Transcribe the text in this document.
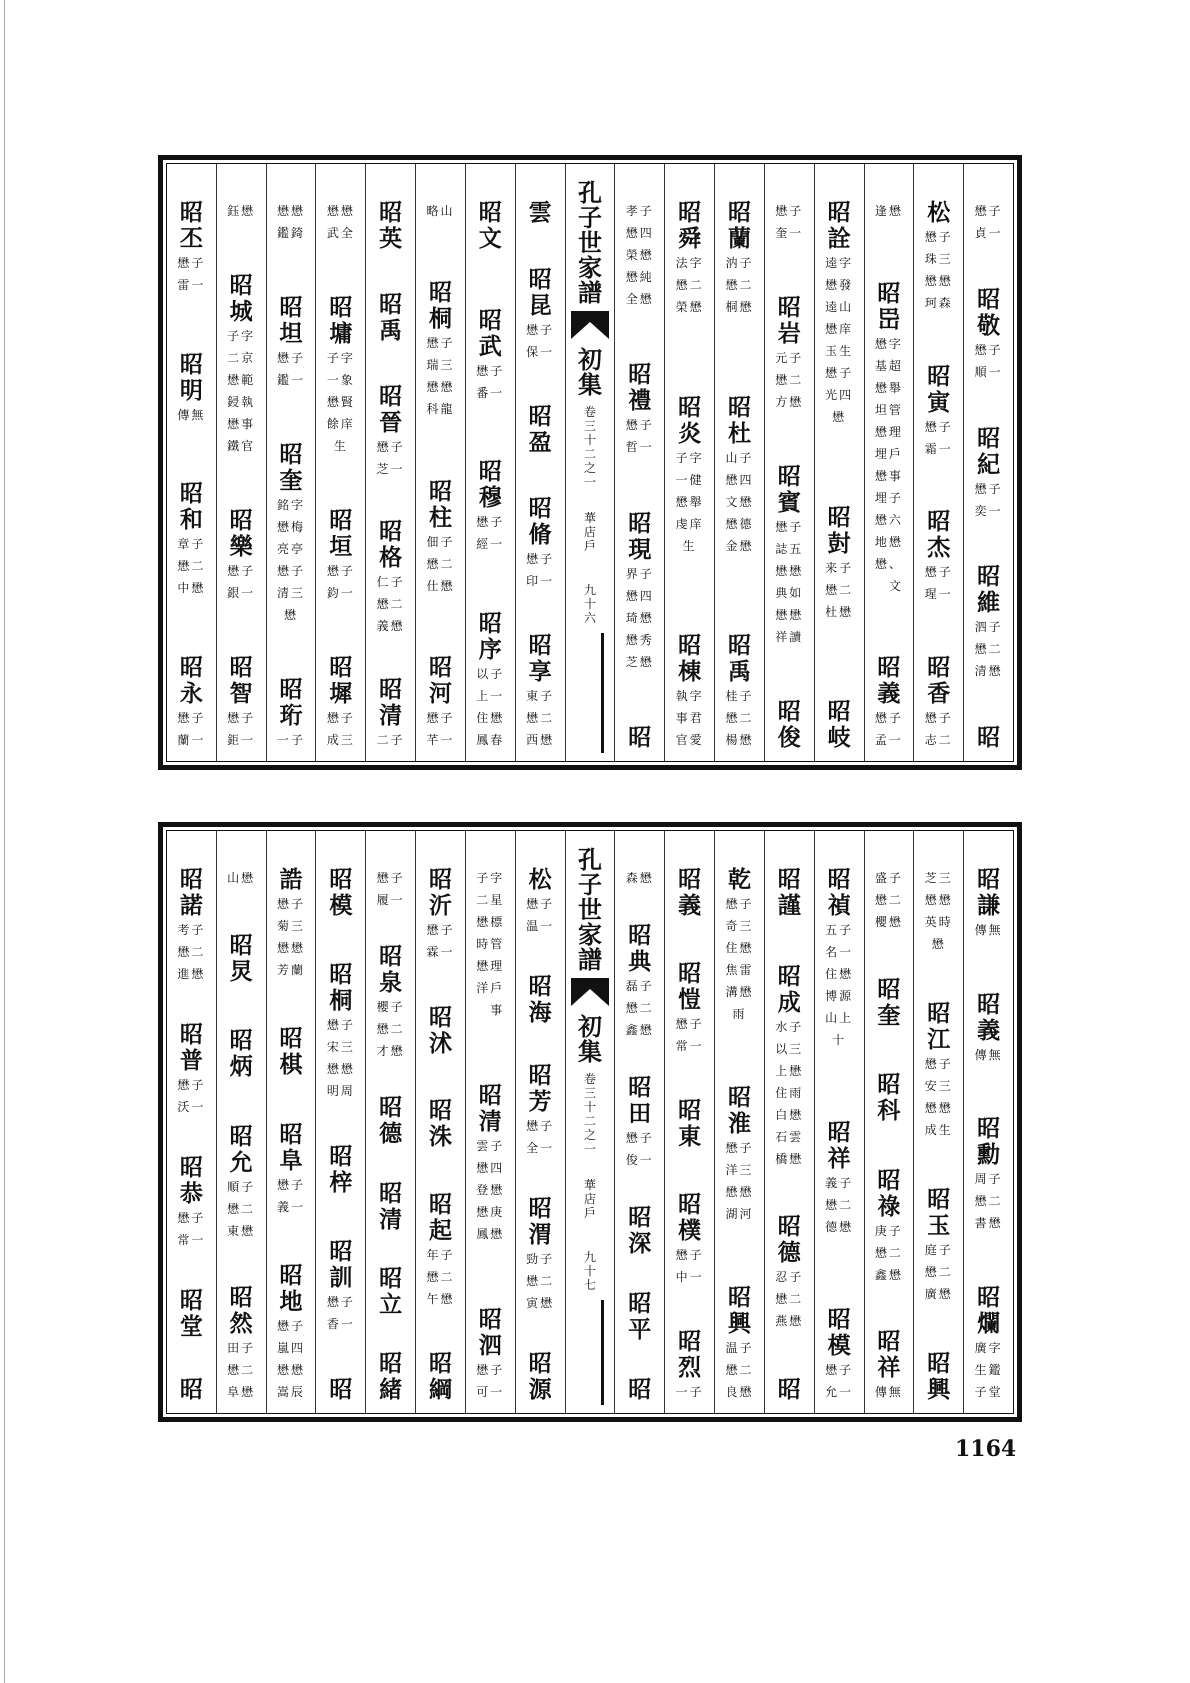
懋子
貞一
昭敬
懋子
順一
昭紀
懋子
奕一
昭維
泗子
懋二
清懋
昭
松
懋子
珠三
懋懋
珂森
昭寅
懋子
霜一
昭杰
懋子
瑆一
昭香
懋子
志二
逢懋
昭岊
懋字
基超
懋舉
坦管
懋理
埋戶
懋事
埋子
懋六
地懋
懋、
　文
昭義
懋子
孟一
昭詮
逵字
懋發
逵山
懋庠
玉生
懋子
光四
懋
昭尌
来子
懋二
杜懋
昭岐
懋子
奎一
昭岩
元子
懋二
方懋
昭賓
懋子
誌五
懋懋
典如
懋懋
祥讀
昭俊
昭蘭
汭子
懋二
桐懋
昭杜
山子
懋四
文懋
懋德
金懋
昭禹
桂子
懋二
楊懋
昭舜
法字
懋二
榮懋
昭炎
子字
一健
懋舉
虔庠
生
昭棟
執字
事君
官愛
孝子
懋四
榮懋
懋純
全懋
昭禮
懋子
哲一
昭現
界子
懋四
琦懋
懋秀
芝懋
昭
孔子世家譜
初集
卷三十二之一
華店戶
九十六
雲
昭昆
懋子
保一
昭盈
昭脩
懋子
印一
昭享
東子
懋二
西懋
昭文
昭武
懋子
番一
昭穆
懋子
經一
昭序
以子
上一
住懋
鳳春
略山
昭桐
懋子
瑞三
懋懋
科龍
昭柱
佃子
懋二
仕懋
昭河
懋子
芊一
昭英
昭禹
昭晉
懋子
芝一
昭格
仁子
懋二
義懋
昭清
二子
懋懋
武全
昭墉
子字
一象
懋賢
餘庠
生
昭垣
懋子
鈞一
昭墀
懋子
成三
懋懋
鑑錡
昭坦
懋子
鑑一
昭奎
銘字
懋梅
亮亭
懋子
清三
懋
昭珩
一子
鈺懋
昭城
子字
二京
懋範
鋟執
懋事
鐵官
昭樂
懋子
銀一
昭智
懋子
鉅一
昭丕
懋子
雷一
昭明
傳無
昭和
章子
懋二
中懋
昭永
懋子
蘭一
昭謙
傳無
昭義
傳無
昭勳
周子
懋二
書懋
昭爛
廣字
生鑑
子堂
芝三
懋懋
英時
懋
昭江
懋子
安三
懋懋
成生
昭玉
庭子
懋二
廣懋
昭興
盛子
懋二
櫻懋
昭奎
昭科
昭祿
庚子
懋二
鑫懋
昭祥
傳無
昭禎
五子
名一
住懋
博源
山上
十
昭祥
義子
懋二
德懋
昭模
懋子
允一
昭謹
昭成
水子
以三
上懋
住雨
白懋
石雲
橋懋
昭德
忍子
懋二
燕懋
昭
乾
懋子
奇三
住懋
焦雷
溝懋
雨
昭淮
懋子
洋三
懋懋
湖河
昭興
温子
懋二
良懋
昭義
昭愷
懋子
常一
昭東
昭樸
懋子
中一
昭烈
一子
森懋
昭典
磊子
懋二
鑫懋
昭田
懋子
俊一
昭深
昭平
昭
孔子世家譜
初集
卷三十二之一
華店戶
九十七
松
懋子
温一
昭海
昭芳
懋子
全一
昭渭
勁子
懋二
寅懋
昭源
子字
二星
懋標
時管
懋理
洋戶
　事
昭清
雲子
懋四
登懋
懋庚
鳳懋
昭泗
懋子
可一
昭沂
懋子
霖一
昭沭
昭洙
昭起
年子
懋二
午懋
昭綱
懋子
履一
昭泉
櫻子
懋二
才懋
昭德
昭清
昭立
昭緒
昭模
昭桐
懋子
宋三
懋懋
明周
昭梓
昭訓
懋子
香一
昭
誥
懋子
菊三
懋懋
芳蘭
昭棋
昭阜
懋子
義一
昭地
懋子
嵐四
懋懋
嵩辰
山懋
昭炅
昭炳
昭允
順子
懋二
東懋
昭然
田子
懋二
阜懋
昭諾
考子
懋二
進懋
昭普
懋子
沃一
昭恭
懋子
常一
昭堂
昭
1164
